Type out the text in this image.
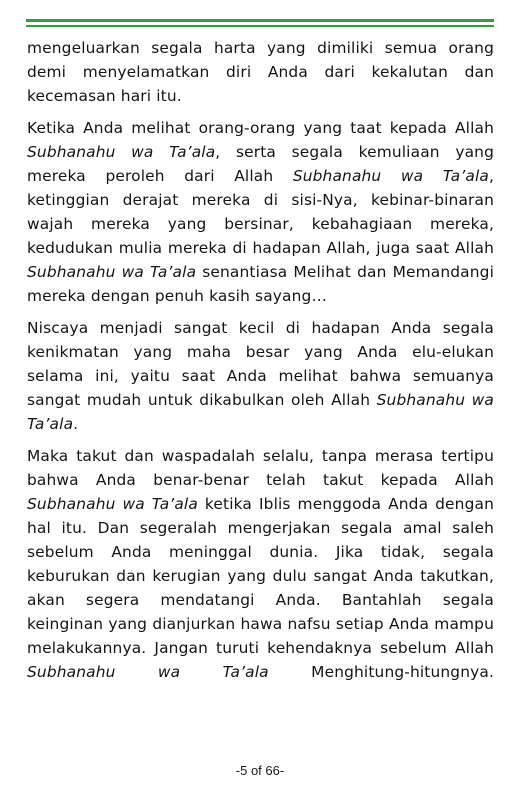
mengeluarkan segala harta yang dimiliki semua orang demi menyelamatkan diri Anda dari kekalutan dan kecemasan hari itu.

Ketika Anda melihat orang-orang yang taat kepada Allah Subhanahu wa Ta’ala, serta segala kemuliaan yang mereka peroleh dari Allah Subhanahu wa Ta’ala, ketinggian derajat mereka di sisi-Nya, kebinar-binaran wajah mereka yang bersinar, kebahagiaan mereka, kedudukan mulia mereka di hadapan Allah, juga saat Allah Subhanahu wa Ta’ala senantiasa Melihat dan Memandangi mereka dengan penuh kasih sayang…

Niscaya menjadi sangat kecil di hadapan Anda segala kenikmatan yang maha besar yang Anda elu-elukan selama ini, yaitu saat Anda melihat bahwa semuanya sangat mudah untuk dikabulkan oleh Allah Subhanahu wa Ta’ala.

Maka takut dan waspadalah selalu, tanpa merasa tertipu bahwa Anda benar-benar telah takut kepada Allah Subhanahu wa Ta’ala ketika Iblis menggoda Anda dengan hal itu. Dan segeralah mengerjakan segala amal saleh sebelum Anda meninggal dunia. Jika tidak, segala keburukan dan kerugian yang dulu sangat Anda takutkan, akan segera mendatangi Anda. Bantahlah segala keinginan yang dianjurkan hawa nafsu setiap Anda mampu melakukannya. Jangan turuti kehendaknya sebelum Allah Subhanahu wa Ta’ala Menghitung-hitungnya.

-5 of 66-
